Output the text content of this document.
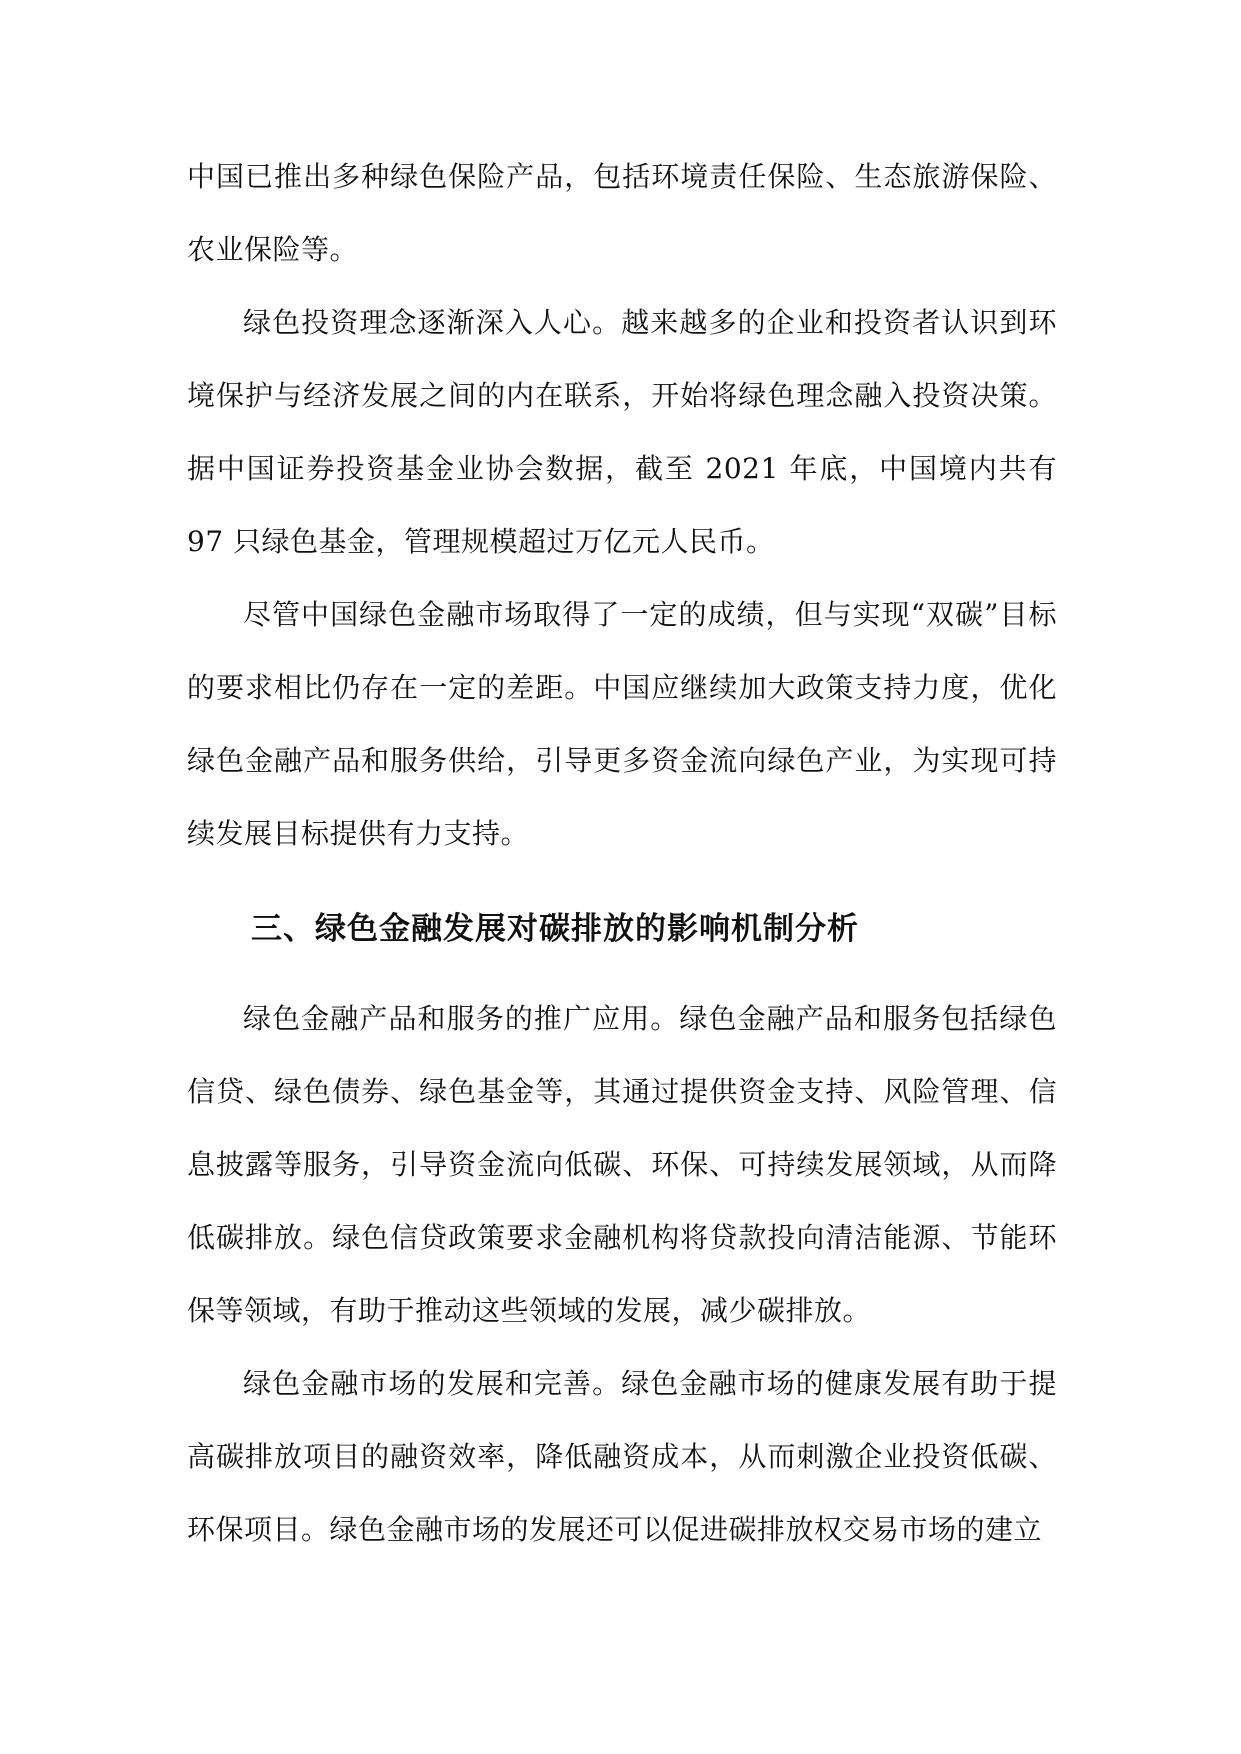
中国已推出多种绿色保险产品，包括环境责任保险、生态旅游保险、农业保险等。

绿色投资理念逐渐深入人心。越来越多的企业和投资者认识到环境保护与经济发展之间的内在联系，开始将绿色理念融入投资决策。据中国证券投资基金业协会数据，截至 2021 年底，中国境内共有 97 只绿色基金，管理规模超过万亿元人民币。

尽管中国绿色金融市场取得了一定的成绩，但与实现“双碳”目标的要求相比仍存在一定的差距。中国应继续加大政策支持力度，优化绿色金融产品和服务供给，引导更多资金流向绿色产业，为实现可持续发展目标提供有力支持。

三、绿色金融发展对碳排放的影响机制分析

绿色金融产品和服务的推广应用。绿色金融产品和服务包括绿色信贷、绿色债券、绿色基金等，其通过提供资金支持、风险管理、信息披露等服务，引导资金流向低碳、环保、可持续发展领域，从而降低碳排放。绿色信贷政策要求金融机构将贷款投向清洁能源、节能环保等领域，有助于推动这些领域的发展，减少碳排放。

绿色金融市场的发展和完善。绿色金融市场的健康发展有助于提高碳排放项目的融资效率，降低融资成本，从而刺激企业投资低碳、环保项目。绿色金融市场的发展还可以促进碳排放权交易市场的建立
